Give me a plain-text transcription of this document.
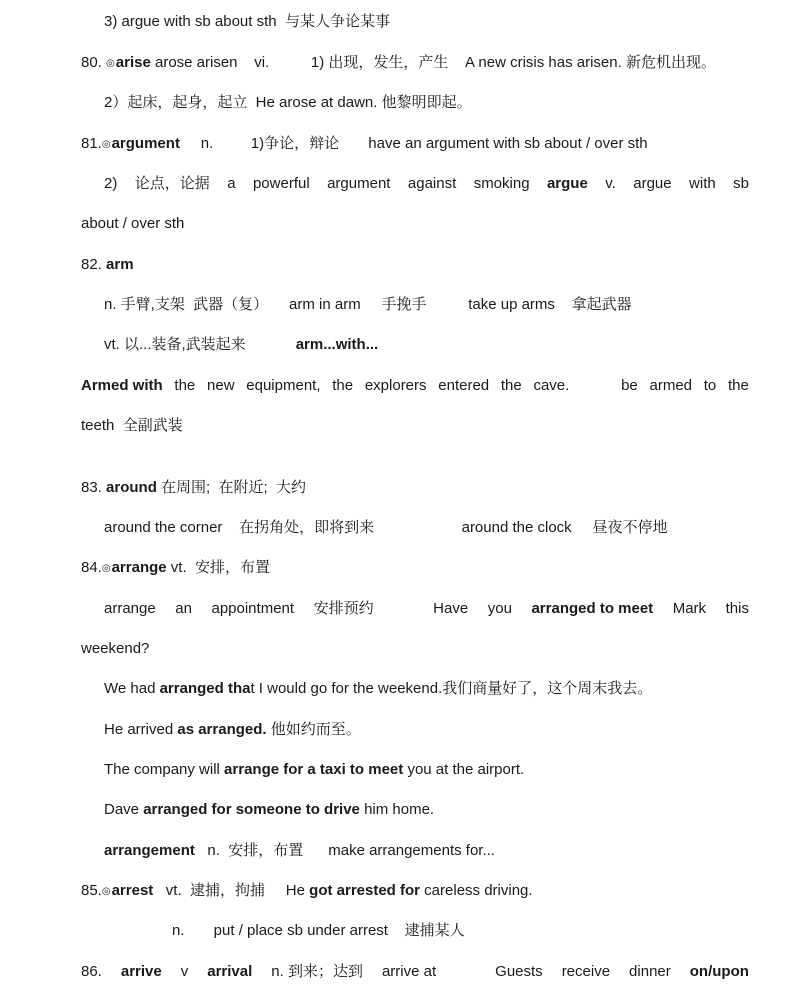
3) argue with sb about sth  与某人争论某事
80. ◎arise arose arisen    vi.          1) 出现，发生，产生    A new crisis has arisen. 新危机出现。
2）起床，起身，起立  He arose at dawn. 他黎明即起。
81.◎argument     n.         1)争论，辩论       have an argument with sb about / over sth
2) 论点，论据 a powerful argument against smoking argue v. argue with sb
about / over sth
82. arm
n. 手臂,支架  武器（复）     arm in arm     手挽手          take up arms    拿起武器
vt. 以...装备,武装起来            arm...with...
Armed with the new equipment, the explorers entered the cave.	be armed to the
teeth  全副武装
83. around 在周围;  在附近;  大约
around the corner    在拐角处，即将到来                     around the clock     昼夜不停地
84.◎arrange vt.  安排，布置
arrange an appointment 安排预约	Have you arranged to meet Mark this
weekend?
We had arranged that I would go for the weekend.我们商量好了，这个周末我去。
He arrived as arranged. 他如约而至。
The company will arrange for a taxi to meet you at the airport.
Dave arranged for someone to drive him home.
arrangement   n.  安排，布置      make arrangements for...
85.◎arrest   vt.  逮捕，拘捕     He got arrested for careless driving.
n.       put / place sb under arrest    逮捕某人
86. arrive v arrival n. 到来；达到 arrive at	Guests receive dinner on/upon
